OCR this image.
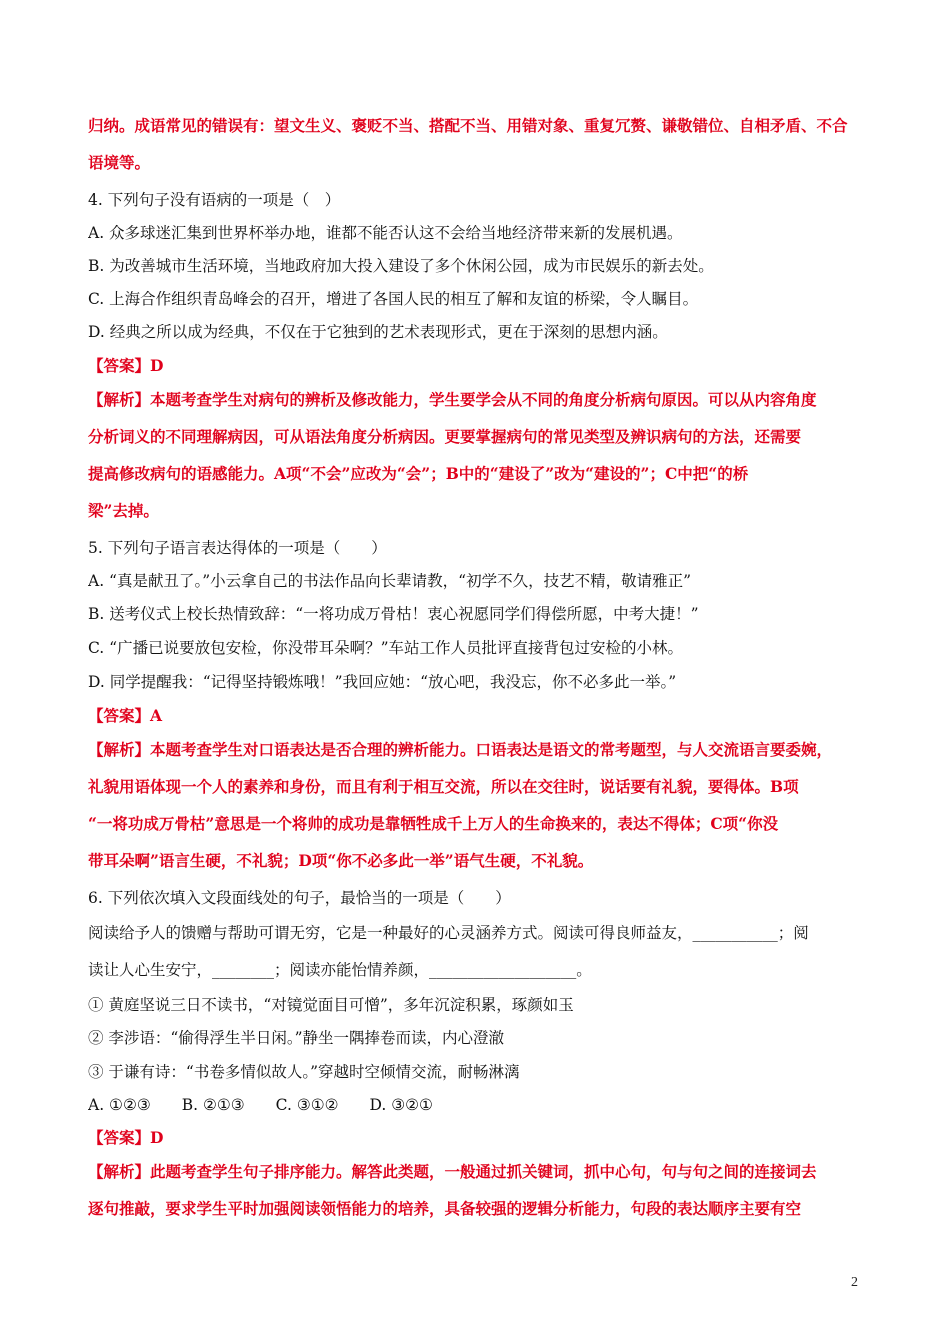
归纳。成语常见的错误有：望文生义、褒贬不当、搭配不当、用错对象、重复冗赘、谦敬错位、自相矛盾、不合
语境等。
4. 下列句子没有语病的一项是（　）
A. 众多球迷汇集到世界杯举办地，谁都不能否认这不会给当地经济带来新的发展机遇。
B. 为改善城市生活环境，当地政府加大投入建设了多个休闲公园，成为市民娱乐的新去处。
C. 上海合作组织青岛峰会的召开，增进了各国人民的相互了解和友谊的桥梁，令人瞩目。
D. 经典之所以成为经典，不仅在于它独到的艺术表现形式，更在于深刻的思想内涵。
【答案】D
【解析】本题考查学生对病句的辨析及修改能力，学生要学会从不同的角度分析病句原因。可以从内容角度
分析词义的不同理解病因，可从语法角度分析病因。更要掌握病句的常见类型及辨识病句的方法，还需要
提高修改病句的语感能力。A项“不会”应改为“会”；B中的“建设了”改为“建设的”；C中把“的桥
梁”去掉。
5. 下列句子语言表达得体的一项是（　　）
A. “真是献丑了。”小云拿自己的书法作品向长辈请教，“初学不久，技艺不精，敬请雅正”
B. 送考仪式上校长热情致辞：“一将功成万骨枯！衷心祝愿同学们得偿所愿，中考大捷！”
C. “广播已说要放包安检，你没带耳朵啊？”车站工作人员批评直接背包过安检的小林。
D. 同学提醒我：“记得坚持锻炼哦！”我回应她：“放心吧，我没忘，你不必多此一举。”
【答案】A
【解析】本题考查学生对口语表达是否合理的辨析能力。口语表达是语文的常考题型，与人交流语言要委婉，
礼貌用语体现一个人的素养和身份，而且有利于相互交流，所以在交往时，说话要有礼貌，要得体。B项
“一将功成万骨枯”意思是一个将帅的成功是靠牺牲成千上万人的生命换来的，表达不得体；C项“你没
带耳朵啊”语言生硬，不礼貌；D项“你不必多此一举”语气生硬，不礼貌。
6. 下列依次填入文段面线处的句子，最恰当的一项是（　　）
阅读给予人的馈赠与帮助可谓无穷，它是一种最好的心灵涵养方式。阅读可得良师益友，___________；阅
读让人心生安宁，________；阅读亦能怡情养颜，___________________。
① 黄庭坚说三日不读书，“对镜觉面目可憎”，多年沉淀积累，琢颜如玉
② 李涉语：“偷得浮生半日闲。”静坐一隅捧卷而读，内心澄澈
③ 于谦有诗：“书卷多情似故人。”穿越时空倾情交流，耐畅淋漓
A. ①②③　　B. ②①③　　C. ③①②　　D. ③②①
【答案】D
【解析】此题考查学生句子排序能力。解答此类题，一般通过抓关键词，抓中心句，句与句之间的连接词去
逐句推敲，要求学生平时加强阅读领悟能力的培养，具备较强的逻辑分析能力，句段的表达顺序主要有空
2
